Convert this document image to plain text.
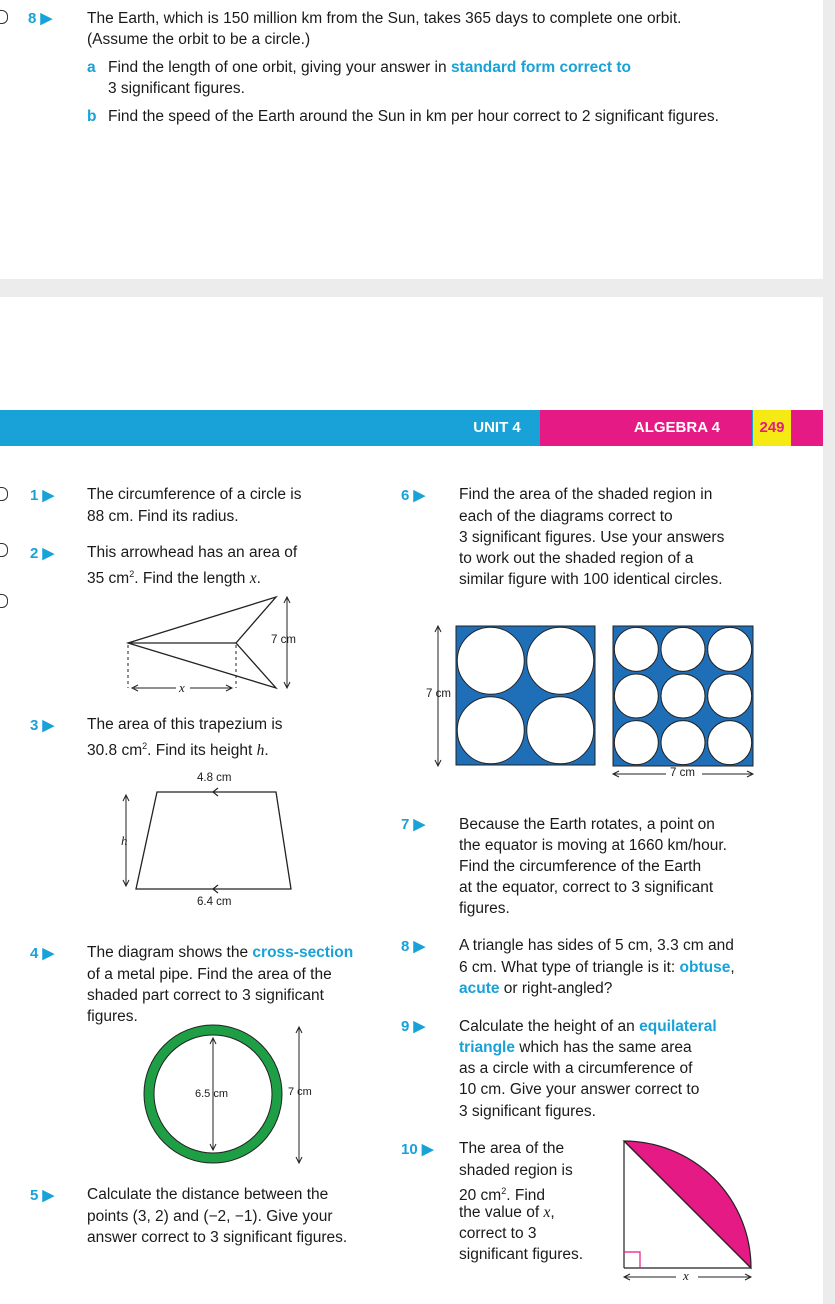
8 ▶ The Earth, which is 150 million km from the Sun, takes 365 days to complete one orbit.
(Assume the orbit to be a circle.)
a Find the length of one orbit, giving your answer in standard form correct to
3 significant figures.
b Find the speed of the Earth around the Sun in km per hour correct to 2 significant figures.
UNIT 4	ALGEBRA 4	249
1 ▶ The circumference of a circle is
88 cm. Find its radius.
2 ▶ This arrowhead has an area of
35 $cm^2$. Find the length x.
7 cm
x
3 ▶ The area of this trapezium is
30.8 $cm^2$. Find its height h.
4.8 cm
6.4 cm
h
4 ▶ The diagram shows the cross-section
of a metal pipe. Find the area of the
shaded part correct to 3 significant
figures.
6.5 cm	7 cm
5 ▶ Calculate the distance between the
points (3, 2) and (−2, −1). Give your
answer correct to 3 significant figures.
6 ▶ Find the area of the shaded region in
each of the diagrams correct to
3 significant figures. Use your answers
to work out the shaded region of a
similar figure with 100 identical circles.
7 cm
7 cm
7 ▶ Because the Earth rotates, a point on
the equator is moving at 1660 km/hour.
Find the circumference of the Earth
at the equator, correct to 3 significant
figures.
8 ▶ A triangle has sides of 5 cm, 3.3 cm and
6 cm. What type of triangle is it: obtuse,
acute or right-angled?
9 ▶ Calculate the height of an equilateral
triangle which has the same area
as a circle with a circumference of
10 cm. Give your answer correct to
3 significant figures.
10 ▶ The area of the
shaded region is
20 $cm^2$. Find
the value of x,
correct to 3
significant figures.
x
